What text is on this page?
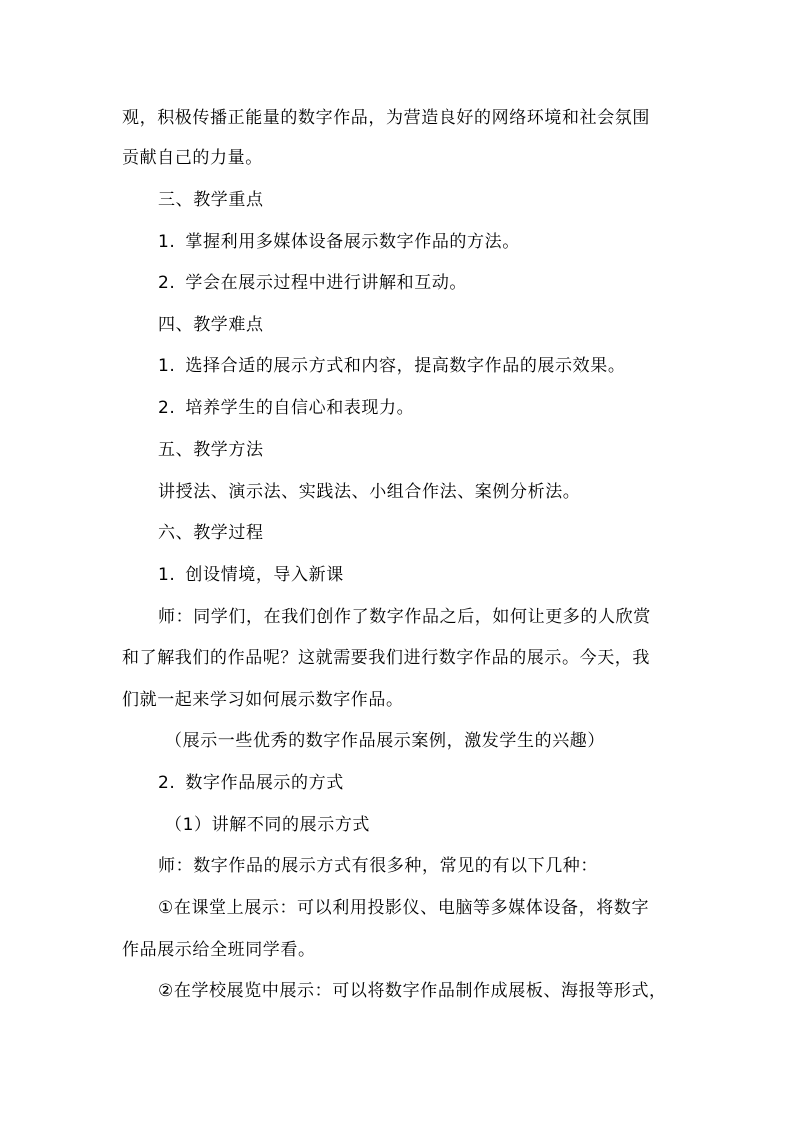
观，积极传播正能量的数字作品，为营造良好的网络环境和社会氛围
贡献自己的力量。
三、教学重点
1. 掌握利用多媒体设备展示数字作品的方法。
2. 学会在展示过程中进行讲解和互动。
四、教学难点
1. 选择合适的展示方式和内容，提高数字作品的展示效果。
2. 培养学生的自信心和表现力。
五、教学方法
讲授法、演示法、实践法、小组合作法、案例分析法。
六、教学过程
1. 创设情境，导入新课
师：同学们，在我们创作了数字作品之后，如何让更多的人欣赏
和了解我们的作品呢？这就需要我们进行数字作品的展示。今天，我
们就一起来学习如何展示数字作品。
（展示一些优秀的数字作品展示案例，激发学生的兴趣）
2. 数字作品展示的方式
（1）讲解不同的展示方式
师：数字作品的展示方式有很多种，常见的有以下几种：
①在课堂上展示：可以利用投影仪、电脑等多媒体设备，将数字
作品展示给全班同学看。
②在学校展览中展示：可以将数字作品制作成展板、海报等形式，
